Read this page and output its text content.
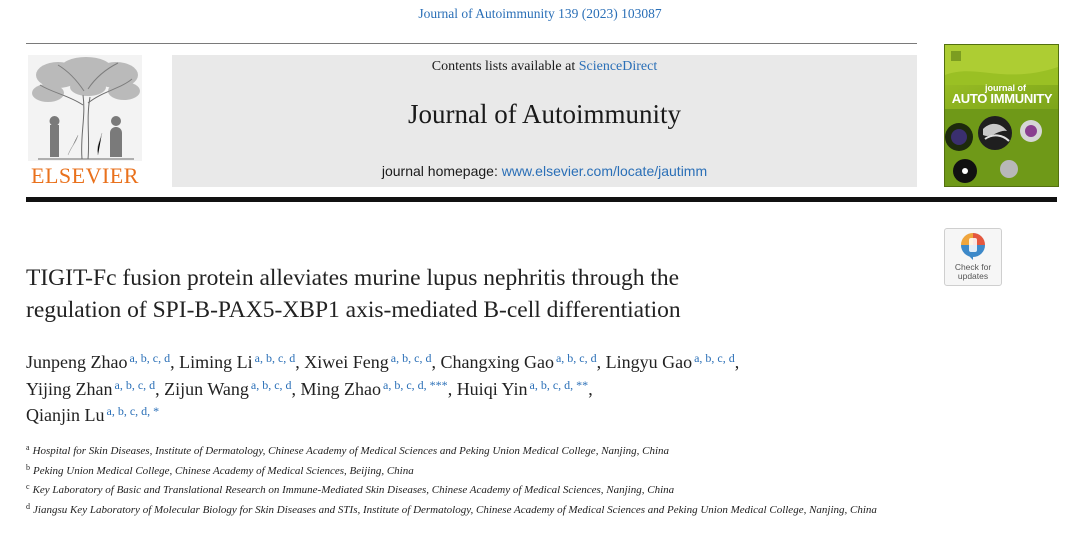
Journal of Autoimmunity 139 (2023) 103087
ELSEVIER
Contents lists available at ScienceDirect
Journal of Autoimmunity
journal homepage: www.elsevier.com/locate/jautimm
journal of
AUTO IMMUNITY
Check for
updates
TIGIT-Fc fusion protein alleviates murine lupus nephritis through the
regulation of SPI-B-PAX5-XBP1 axis-mediated B-cell differentiation
Junpeng Zhao $^{a, b, c, d}$, Liming Li $^{a, b, c, d}$, Xiwei Feng $^{a, b, c, d}$, Changxing Gao $^{a, b, c, d}$, Lingyu Gao $^{a, b, c, d}$,
Yijing Zhan $^{a, b, c, d}$, Zijun Wang $^{a, b, c, d}$, Ming Zhao $^{a, b, c, d, ***}$, Huiqi Yin $^{a, b, c, d, **}$,
Qianjin Lu $^{a, b, c, d, *}$
$^a$ Hospital for Skin Diseases, Institute of Dermatology, Chinese Academy of Medical Sciences and Peking Union Medical College, Nanjing, China
$^b$ Peking Union Medical College, Chinese Academy of Medical Sciences, Beijing, China
$^c$ Key Laboratory of Basic and Translational Research on Immune-Mediated Skin Diseases, Chinese Academy of Medical Sciences, Nanjing, China
$^d$ Jiangsu Key Laboratory of Molecular Biology for Skin Diseases and STIs, Institute of Dermatology, Chinese Academy of Medical Sciences and Peking Union Medical College, Nanjing, China
